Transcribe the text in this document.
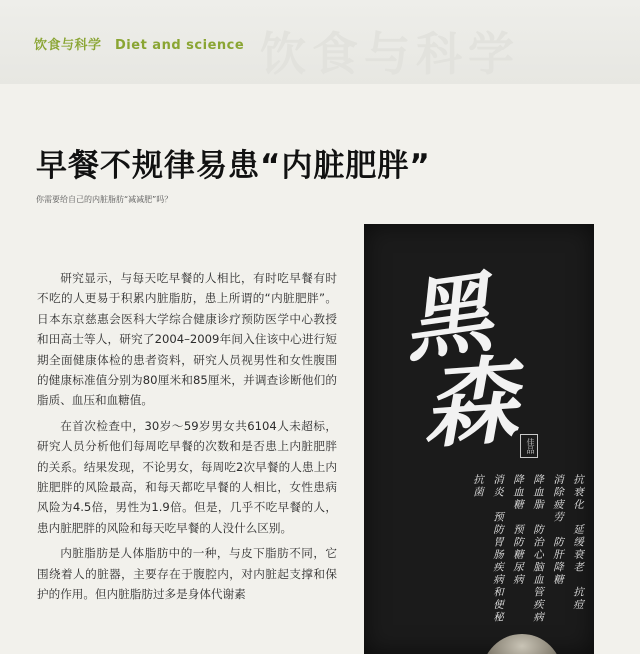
饮食与科学
饮食与科学　Diet and science
早餐不规律易患“内脏肥胖”
你需要给自己的内脏脂肪“减减肥”吗？

研究显示，与每天吃早餐的人相比，有时吃早餐有时不吃的人更易于积累内脏脂肪，患上所谓的“内脏肥胖”。日本东京慈惠会医科大学综合健康诊疗预防医学中心教授和田高士等人，研究了2004–2009年间入住该中心进行短期全面健康体检的患者资料，研究人员视男性和女性腹围的健康标准值分别为80厘米和85厘米，并调查诊断他们的脂质、血压和血糖值。

在首次检查中，30岁～59岁男女共6104人未超标，研究人员分析他们每周吃早餐的次数和是否患上内脏肥胖的关系。结果发现，不论男女，每周吃2次早餐的人患上内脏肥胖的风险最高，和每天都吃早餐的人相比，女性患病风险为4.5倍，男性为1.9倍。但是，几乎不吃早餐的人，患内脏肥胖的风险和每天吃早餐的人没什么区别。

内脏脂肪是人体脂肪中的一种，与皮下脂肪不同，它围绕着人的脏器，主要存在于腹腔内，对内脏起支撑和保护的作用。但内脏脂肪过多是身体代谢素

黑
森 佳品
抗衰化　延缓衰老　抗痘
消除疲劳　防肝降糖
降血脂　防治心脑血管疾病
降血糖　预防糖尿病
消炎　预防胃肠疾病和便秘
抗菌
